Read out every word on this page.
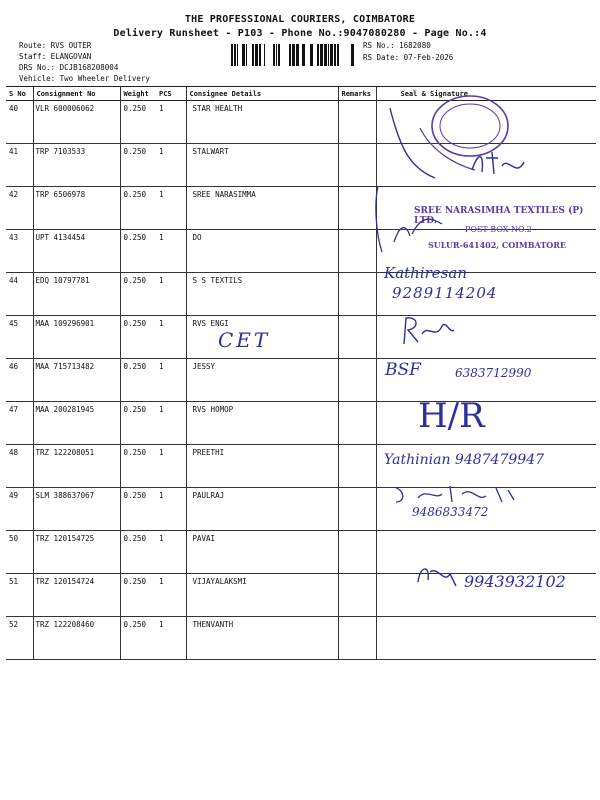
THE PROFESSIONAL COURIERS, COIMBATORE
Delivery Runsheet - P103 - Phone No.:9047080280 - Page No.:4
Route: RVS OUTER
Staff: ELANGOVAN
DRS No.: DCJB168208004
Vehicle: Two Wheeler Delivery
RS No.: 1682080
RS Date: 07-Feb-2026
S No	Consignment No	Weight	PCS	Consignee Details	Remarks	Seal & Signature
40	VLR 600006062	0.250	1	STAR HEALTH		
41	TRP 7103533	0.250	1	STALWART		
42	TRP 6506978	0.250	1	SREE NARASIMMA		
43	UPT 4134454	0.250	1	DO		
44	EDQ 10797781	0.250	1	S S TEXTILS		
45	MAA 109296901	0.250	1	RVS ENGI		
46	MAA 715713482	0.250	1	JESSY		
47	MAA 200281945	0.250	1	RVS HOMOP		
48	TRZ 122208051	0.250	1	PREETHI		
49	SLM 388637067	0.250	1	PAULRAJ		
50	TRZ 120154725	0.250	1	PAVAI		
51	TRZ 120154724	0.250	1	VIJAYALAKSMI		
52	TRZ 122208460	0.250	1	THENVANTH		
SREE NARASIMHA TEXTILES (P) LTD.
POST BOX NO.2
SULUR-641402, COIMBATORE
CET
Kathiresan
9289114204
BSF	6383712990
H/R
Yathinian 9487479947
9486833472
9943932102
